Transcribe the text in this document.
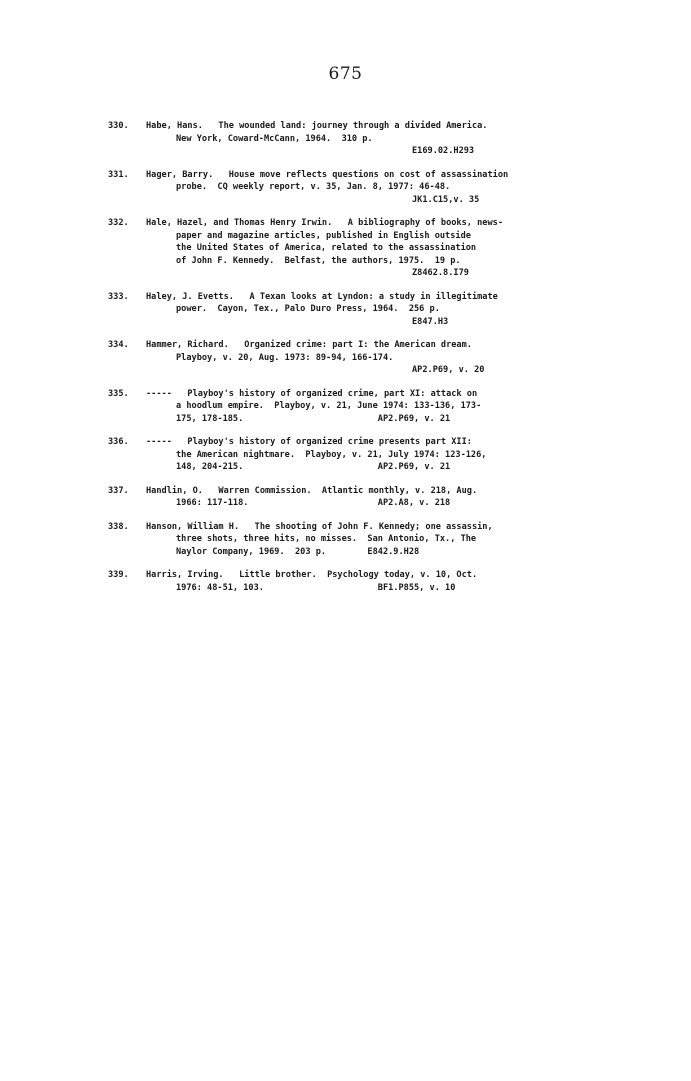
675
330. Habe, Hans.   The wounded land: journey through a divided America.
New York, Coward-McCann, 1964.  310 p.
E169.02.H293
331. Hager, Barry.   House move reflects questions on cost of assassination
probe.  CQ weekly report, v. 35, Jan. 8, 1977: 46-48.
JK1.C15,v. 35
332. Hale, Hazel, and Thomas Henry Irwin.   A bibliography of books, news-
paper and magazine articles, published in English outside
the United States of America, related to the assassination
of John F. Kennedy.  Belfast, the authors, 1975.  19 p.
Z8462.8.I79
333. Haley, J. Evetts.   A Texan looks at Lyndon: a study in illegitimate
power.  Cayon, Tex., Palo Duro Press, 1964.  256 p.
E847.H3
334. Hammer, Richard.   Organized crime: part I: the American dream.
Playboy, v. 20, Aug. 1973: 89-94, 166-174.
AP2.P69, v. 20
335. -----   Playboy's history of organized crime, part XI: attack on
a hoodlum empire.  Playboy, v. 21, June 1974: 133-136, 173-
175, 178-185.                          AP2.P69, v. 21
336. -----   Playboy's history of organized crime presents part XII:
the American nightmare.  Playboy, v. 21, July 1974: 123-126,
148, 204-215.                          AP2.P69, v. 21
337. Handlin, O.   Warren Commission.  Atlantic monthly, v. 218, Aug.
1966: 117-118.                         AP2.A8, v. 218
338. Hanson, William H.   The shooting of John F. Kennedy; one assassin,
three shots, three hits, no misses.  San Antonio, Tx., The
Naylor Company, 1969.  203 p.        E842.9.H28
339. Harris, Irving.   Little brother.  Psychology today, v. 10, Oct.
1976: 48-51, 103.                      BF1.P855, v. 10
